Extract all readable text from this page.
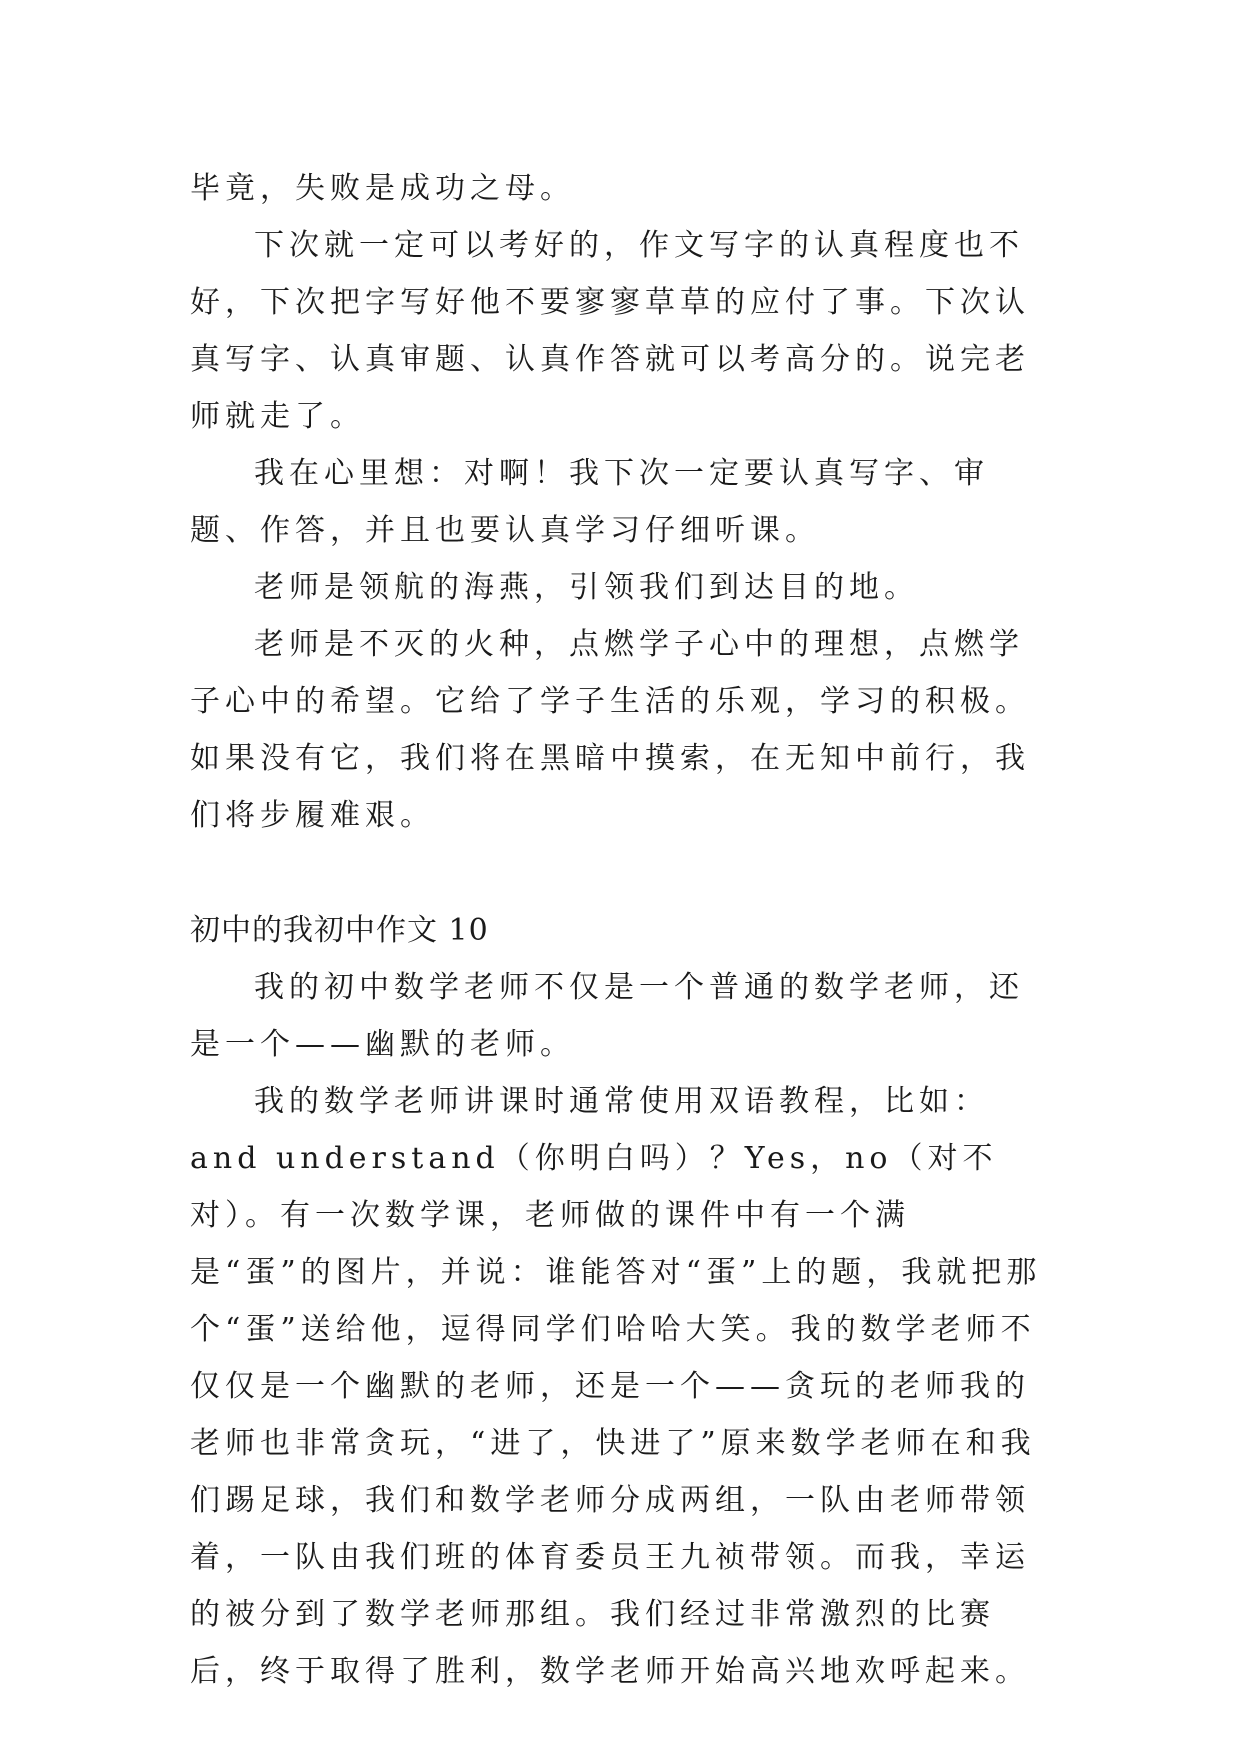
毕竟，失败是成功之母。

下次就一定可以考好的，作文写字的认真程度也不好，下次把字写好他不要寥寥草草的应付了事。下次认真写字、认真审题、认真作答就可以考高分的。说完老师就走了。

我在心里想：对啊！我下次一定要认真写字、审题、作答，并且也要认真学习仔细听课。

老师是领航的海燕，引领我们到达目的地。

老师是不灭的火种，点燃学子心中的理想，点燃学子心中的希望。它给了学子生活的乐观，学习的积极。如果没有它，我们将在黑暗中摸索，在无知中前行，我们将步履难艰。

初中的我初中作文 10

我的初中数学老师不仅是一个普通的数学老师，还是一个——幽默的老师。

我的数学老师讲课时通常使用双语教程，比如：and understand（你明白吗）？Yes，no（对不对）。有一次数学课，老师做的课件中有一个满是“蛋”的图片，并说：谁能答对“蛋”上的题，我就把那个“蛋”送给他，逗得同学们哈哈大笑。我的数学老师不仅仅是一个幽默的老师，还是一个——贪玩的老师我的老师也非常贪玩，“进了，快进了”原来数学老师在和我们踢足球，我们和数学老师分成两组，一队由老师带领着，一队由我们班的体育委员王九祯带领。而我，幸运的被分到了数学老师那组。我们经过非常激烈的比赛后，终于取得了胜利，数学老师开始高兴地欢呼起来。
